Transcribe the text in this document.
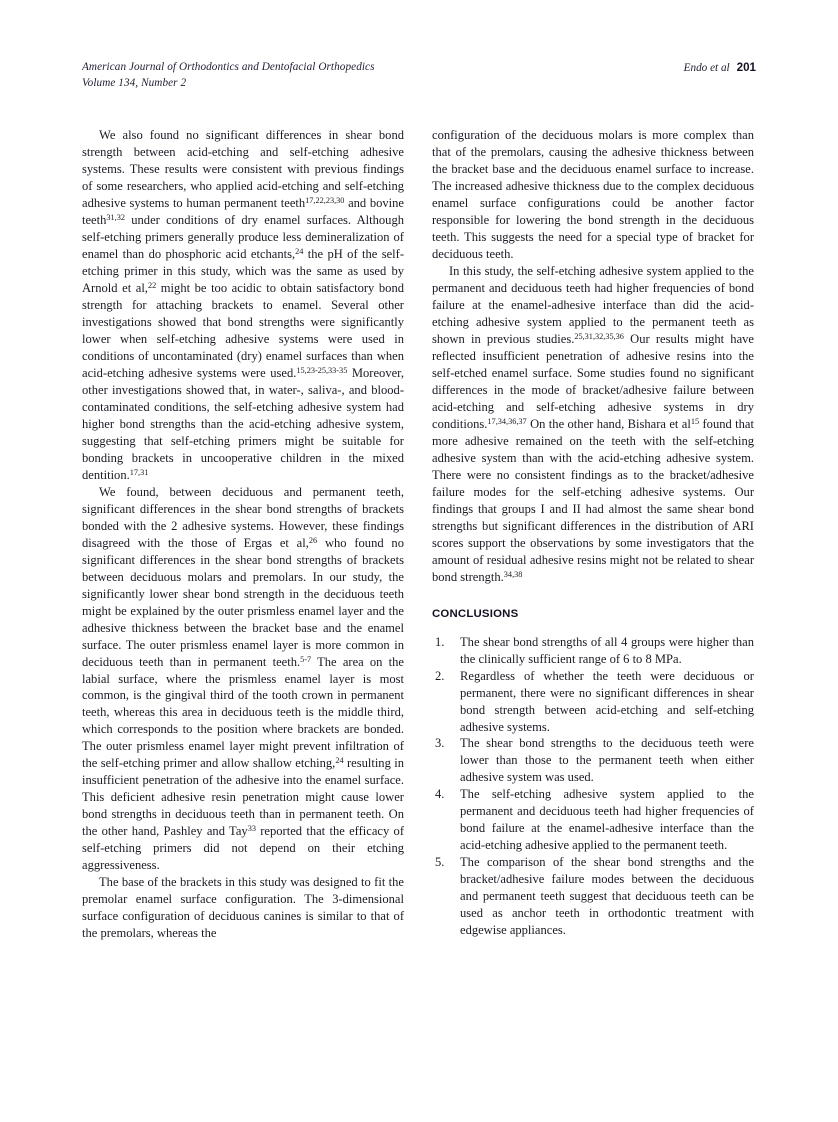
American Journal of Orthodontics and Dentofacial Orthopedics
Volume 134, Number 2
Endo et al 201

We also found no significant differences in shear bond strength between acid-etching and self-etching adhesive systems. These results were consistent with previous findings of some researchers, who applied acid-etching and self-etching adhesive systems to human permanent teeth$^{17,22,23,30}$ and bovine teeth$^{31,32}$ under conditions of dry enamel surfaces. Although self-etching primers generally produce less demineralization of enamel than do phosphoric acid etchants,$^{24}$ the pH of the self-etching primer in this study, which was the same as used by Arnold et al,$^{22}$ might be too acidic to obtain satisfactory bond strength for attaching brackets to enamel. Several other investigations showed that bond strengths were significantly lower when self-etching adhesive systems were used in conditions of uncontaminated (dry) enamel surfaces than when acid-etching adhesive systems were used.$^{15,23-25,33-35}$ Moreover, other investigations showed that, in water-, saliva-, and blood-contaminated conditions, the self-etching adhesive system had higher bond strengths than the acid-etching adhesive system, suggesting that self-etching primers might be suitable for bonding brackets in uncooperative children in the mixed dentition.$^{17,31}$

We found, between deciduous and permanent teeth, significant differences in the shear bond strengths of brackets bonded with the 2 adhesive systems. However, these findings disagreed with the those of Ergas et al,$^{26}$ who found no significant differences in the shear bond strengths of brackets between deciduous molars and premolars. In our study, the significantly lower shear bond strength in the deciduous teeth might be explained by the outer prismless enamel layer and the adhesive thickness between the bracket base and the enamel surface. The outer prismless enamel layer is more common in deciduous teeth than in permanent teeth.$^{5-7}$ The area on the labial surface, where the prismless enamel layer is most common, is the gingival third of the tooth crown in permanent teeth, whereas this area in deciduous teeth is the middle third, which corresponds to the position where brackets are bonded. The outer prismless enamel layer might prevent infiltration of the self-etching primer and allow shallow etching,$^{24}$ resulting in insufficient penetration of the adhesive into the enamel surface. This deficient adhesive resin penetration might cause lower bond strengths in deciduous teeth than in permanent teeth. On the other hand, Pashley and Tay$^{33}$ reported that the efficacy of self-etching primers did not depend on their etching aggressiveness.

The base of the brackets in this study was designed to fit the premolar enamel surface configuration. The 3-dimensional surface configuration of deciduous canines is similar to that of the premolars, whereas the

configuration of the deciduous molars is more complex than that of the premolars, causing the adhesive thickness between the bracket base and the deciduous enamel surface to increase. The increased adhesive thickness due to the complex deciduous enamel surface configurations could be another factor responsible for lowering the bond strength in the deciduous teeth. This suggests the need for a special type of bracket for deciduous teeth.

In this study, the self-etching adhesive system applied to the permanent and deciduous teeth had higher frequencies of bond failure at the enamel-adhesive interface than did the acid-etching adhesive system applied to the permanent teeth as shown in previous studies.$^{25,31,32,35,36}$ Our results might have reflected insufficient penetration of adhesive resins into the self-etched enamel surface. Some studies found no significant differences in the mode of bracket/adhesive failure between acid-etching and self-etching adhesive systems in dry conditions.$^{17,34,36,37}$ On the other hand, Bishara et $al^{15}$ found that more adhesive remained on the teeth with the self-etching adhesive system than with the acid-etching adhesive system. There were no consistent findings as to the bracket/adhesive failure modes for the self-etching adhesive systems. Our findings that groups I and II had almost the same shear bond strengths but significant differences in the distribution of ARI scores support the observations by some investigators that the amount of residual adhesive resins might not be related to shear bond strength.$^{34,38}$

CONCLUSIONS
1.	The shear bond strengths of all 4 groups were higher than the clinically sufficient range of 6 to 8 MPa.
2.	Regardless of whether the teeth were deciduous or permanent, there were no significant differences in shear bond strength between acid-etching and self-etching adhesive systems.
3.	The shear bond strengths to the deciduous teeth were lower than those to the permanent teeth when either adhesive system was used.
4.	The self-etching adhesive system applied to the permanent and deciduous teeth had higher frequencies of bond failure at the enamel-adhesive interface than the acid-etching adhesive applied to the permanent teeth.
5.	The comparison of the shear bond strengths and the bracket/adhesive failure modes between the deciduous and permanent teeth suggest that deciduous teeth can be used as anchor teeth in orthodontic treatment with edgewise appliances.
